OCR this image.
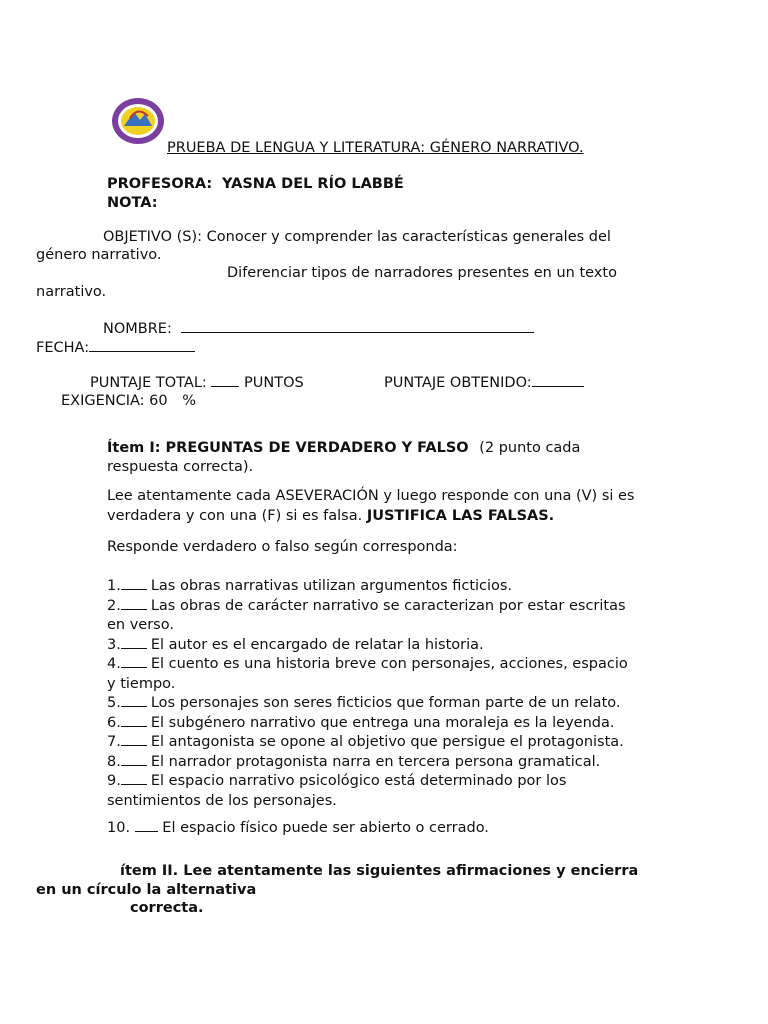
PRUEBA DE LENGUA Y LITERATURA: GÉNERO NARRATIVO.
PROFESORA: YASNA DEL RÍO LABBÉ
NOTA:
OBJETIVO (S): Conocer y comprender las características generales del
género narrativo.
Diferenciar tipos de narradores presentes en un texto
narrativo.
NOMBRE:
FECHA:
PUNTAJE TOTAL:	PUNTOS	PUNTAJE OBTENIDO:
EXIGENCIA: 60 %
Ítem I: PREGUNTAS DE VERDADERO Y FALSO (2 punto cada
respuesta correcta).
Lee atentamente cada ASEVERACIÓN y luego responde con una (V) si es
verdadera y con una (F) si es falsa. JUSTIFICA LAS FALSAS.
Responde verdadero o falso según corresponda:
1. Las obras narrativas utilizan argumentos ficticios.
2. Las obras de carácter narrativo se caracterizan por estar escritas
en verso.
3. El autor es el encargado de relatar la historia.
4. El cuento es una historia breve con personajes, acciones, espacio
y tiempo.
5. Los personajes son seres ficticios que forman parte de un relato.
6. El subgénero narrativo que entrega una moraleja es la leyenda.
7. El antagonista se opone al objetivo que persigue el protagonista.
8. El narrador protagonista narra en tercera persona gramatical.
9. El espacio narrativo psicológico está determinado por los
sentimientos de los personajes.
10. El espacio físico puede ser abierto o cerrado.
ítem II. Lee atentamente las siguientes afirmaciones y encierra
en un círculo la alternativa
correcta.
